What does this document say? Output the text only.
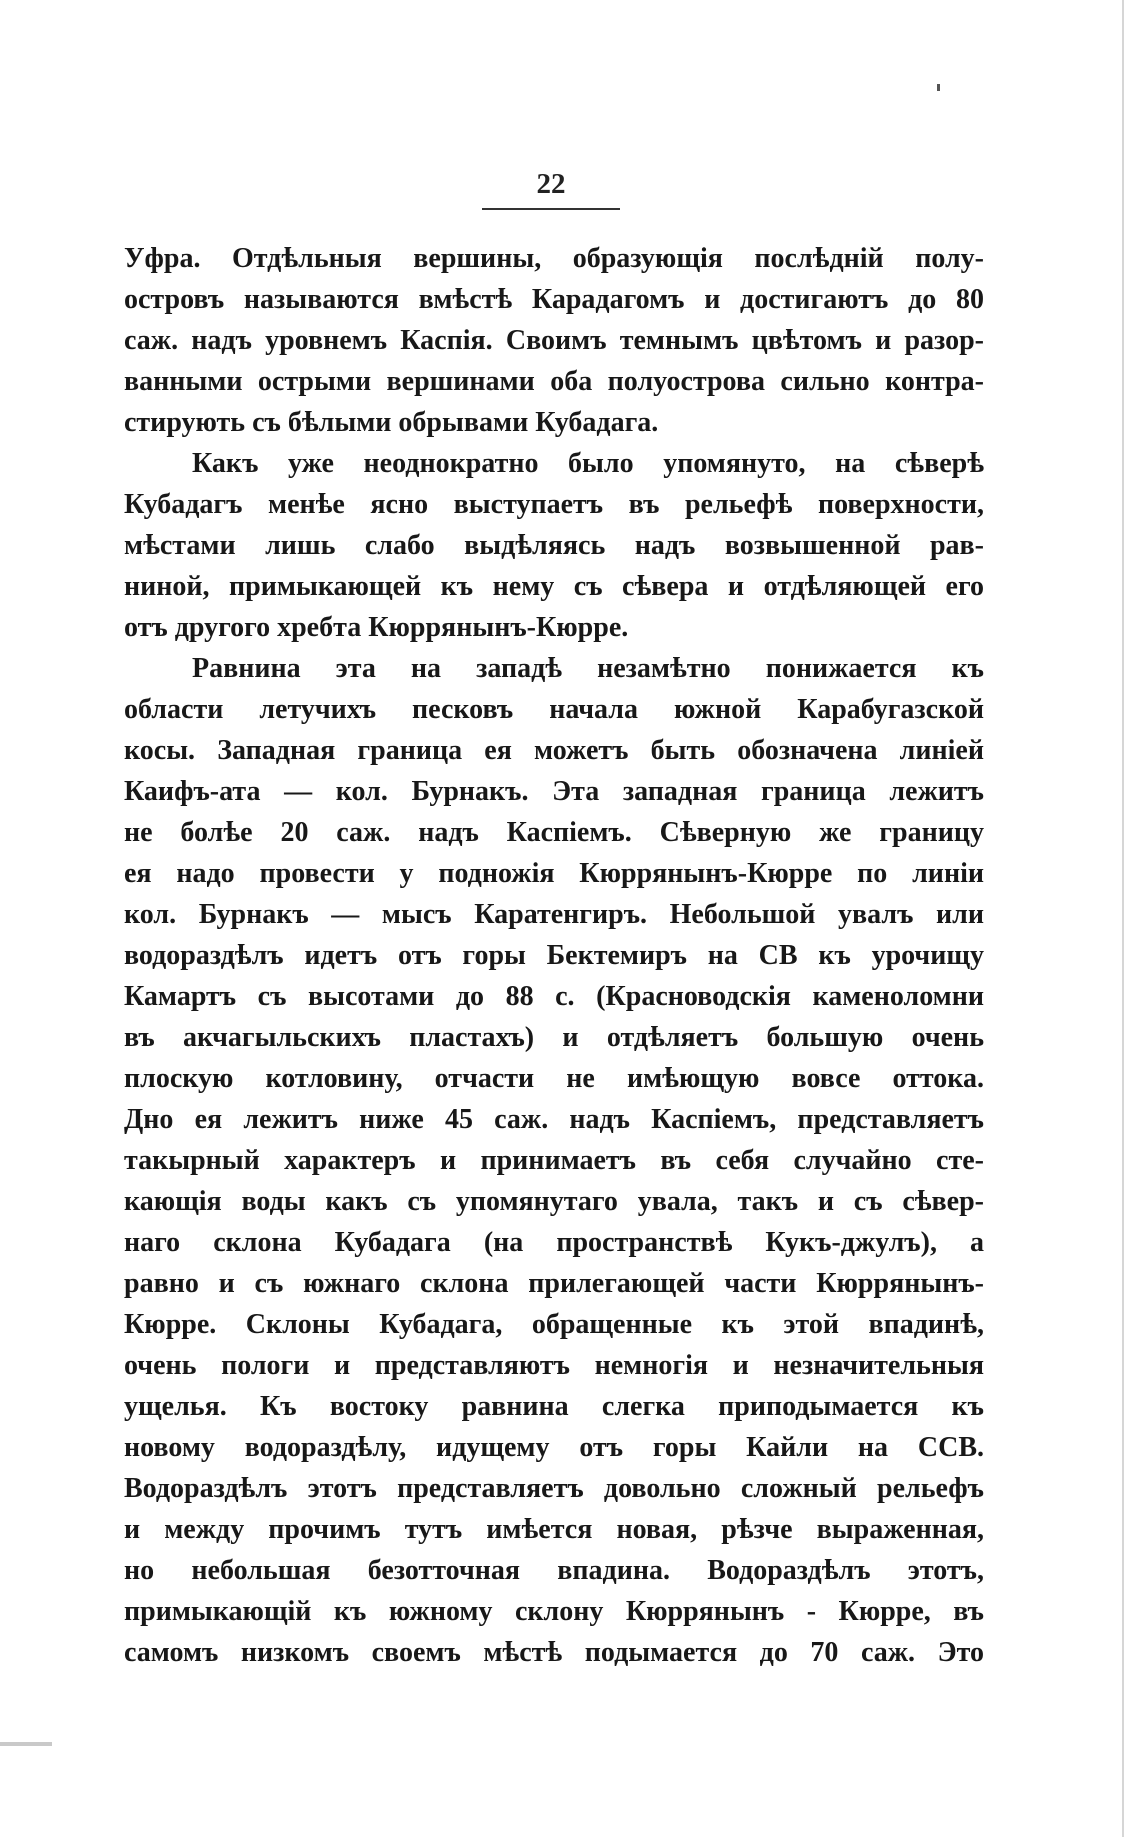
22
Уфра. Отдѣльныя вершины, образующія послѣдній полу-
островъ называются вмѣстѣ Карадагомъ и достигаютъ до 80
саж. надъ уровнемъ Каспія. Своимъ темнымъ цвѣтомъ и разор-
ванными острыми вершинами оба полуострова сильно контра-
стирують съ бѣлыми обрывами Кубадага.
Какъ уже неоднократно было упомянуто, на сѣверѣ
Кубадагъ менѣе ясно выступаетъ въ рельефѣ поверхности,
мѣстами лишь слабо выдѣляясь надъ возвышенной рав-
ниной, примыкающей къ нему съ сѣвера и отдѣляющей его
отъ другого хребта Кюррянынъ-Кюрре.
Равнина эта на западѣ незамѣтно понижается къ
области летучихъ песковъ начала южной Карабугазской
косы. Западная граница ея можетъ быть обозначена линіей
Каифъ-ата — кол. Бурнакъ. Эта западная граница лежитъ
не болѣе 20 саж. надъ Каспіемъ. Сѣверную же границу
ея надо провести у подножія Кюррянынъ-Кюрре по линіи
кол. Бурнакъ — мысъ Каратенгиръ. Небольшой увалъ или
водораздѣлъ идетъ отъ горы Бектемиръ на СВ къ урочищу
Камартъ съ высотами до 88 с. (Красноводскія каменоломни
въ акчагыльскихъ пластахъ) и отдѣляетъ большую очень
плоскую котловину, отчасти не имѣющую вовсе оттока.
Дно ея лежитъ ниже 45 саж. надъ Каспіемъ, представляетъ
такырный характеръ и принимаетъ въ себя случайно сте-
кающія воды какъ съ упомянутаго увала, такъ и съ сѣвер-
наго склона Кубадага (на пространствѣ Кукъ-джулъ), а
равно и съ южнаго склона прилегающей части Кюррянынъ-
Кюрре. Склоны Кубадага, обращенные къ этой впадинѣ,
очень пологи и представляютъ немногія и незначительныя
ущелья. Къ востоку равнина слегка приподымается къ
новому водораздѣлу, идущему отъ горы Кайли на ССВ.
Водораздѣлъ этотъ представляетъ довольно сложный рельефъ
и между прочимъ тутъ имѣется новая, рѣзче выраженная,
но небольшая безотточная впадина. Водораздѣлъ этотъ,
примыкающій къ южному склону Кюррянынъ - Кюрре, въ
самомъ низкомъ своемъ мѣстѣ подымается до 70 саж. Это
